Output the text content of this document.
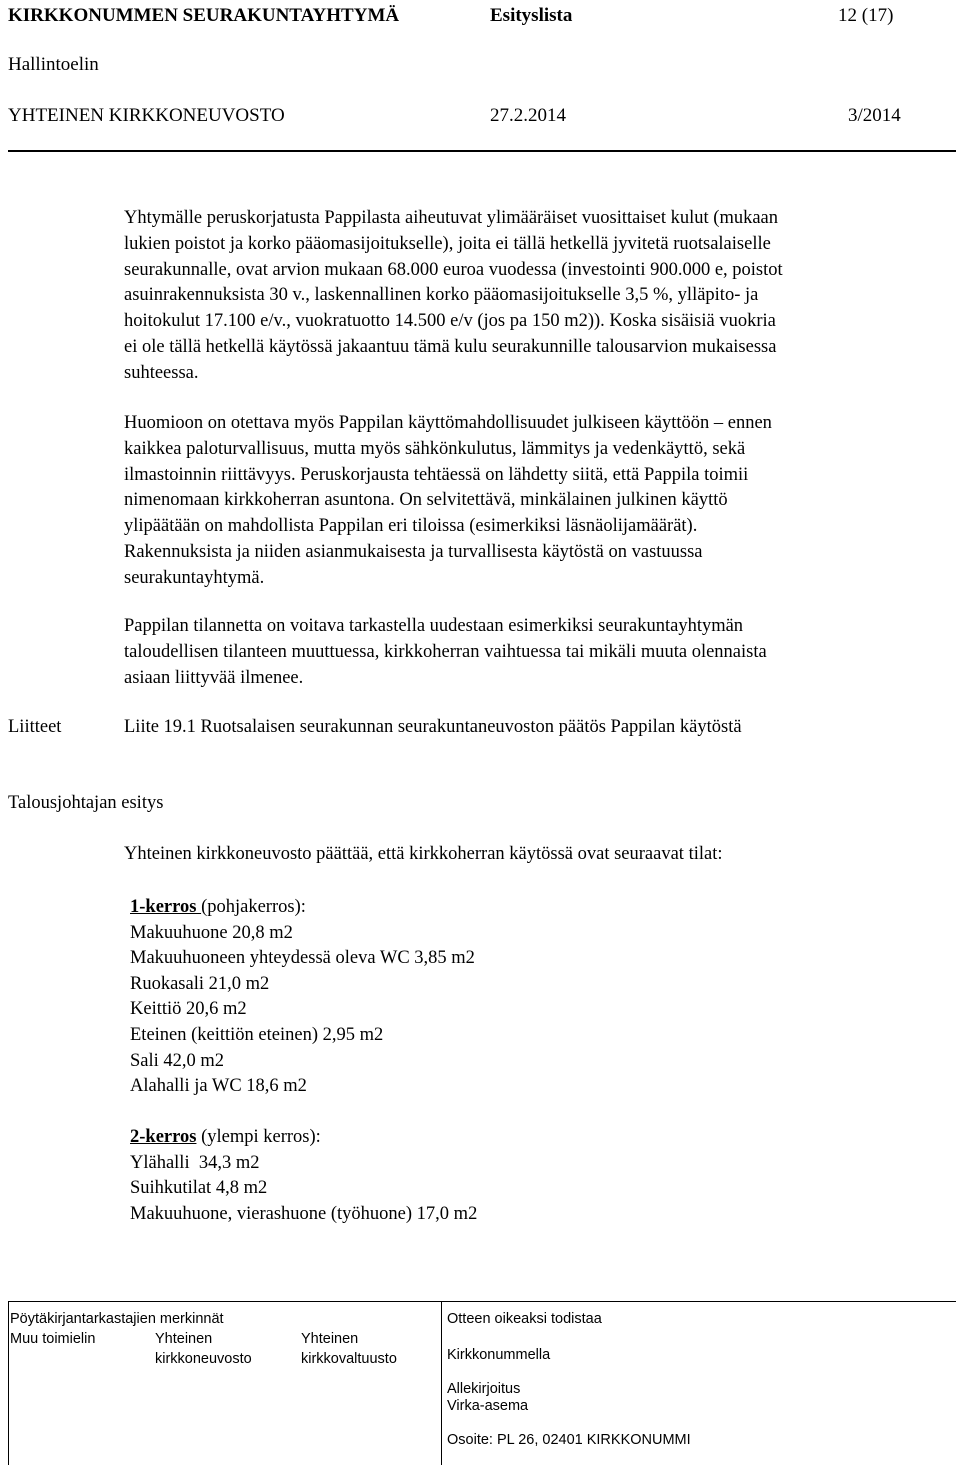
KIRKKONUMMEN SEURAKUNTAYHTYMÄ	Esityslista	12 (17)
Hallintoelin
YHTEINEN KIRKKONEUVOSTO	27.2.2014	3/2014
Yhtymälle peruskorjatusta Pappilasta aiheutuvat ylimääräiset vuosittaiset kulut (mukaan
lukien poistot ja korko pääomasijoitukselle), joita ei tällä hetkellä jyvitetä ruotsalaiselle
seurakunnalle, ovat arvion mukaan 68.000 euroa vuodessa (investointi 900.000 e, poistot
asuinrakennuksista 30 v., laskennallinen korko pääomasijoitukselle 3,5 %, ylläpito- ja
hoitokulut 17.100 e/v., vuokratuotto 14.500 e/v (jos pa 150 m2)). Koska sisäisiä vuokria
ei ole tällä hetkellä käytössä jakaantuu tämä kulu seurakunnille talousarvion mukaisessa
suhteessa.
Huomioon on otettava myös Pappilan käyttömahdollisuudet julkiseen käyttöön – ennen
kaikkea paloturvallisuus, mutta myös sähkönkulutus, lämmitys ja vedenkäyttö, sekä
ilmastoinnin riittävyys. Peruskorjausta tehtäessä on lähdetty siitä, että Pappila toimii
nimenomaan kirkkoherran asuntona. On selvitettävä, minkälainen julkinen käyttö
ylipäätään on mahdollista Pappilan eri tiloissa (esimerkiksi läsnäolijamäärät).
Rakennuksista ja niiden asianmukaisesta ja turvallisesta käytöstä on vastuussa
seurakuntayhtymä.
Pappilan tilannetta on voitava tarkastella uudestaan esimerkiksi seurakuntayhtymän
taloudellisen tilanteen muuttuessa, kirkkoherran vaihtuessa tai mikäli muuta olennaista
asiaan liittyvää ilmenee.
Liitteet	Liite 19.1 Ruotsalaisen seurakunnan seurakuntaneuvoston päätös Pappilan käytöstä
Talousjohtajan esitys
Yhteinen kirkkoneuvosto päättää, että kirkkoherran käytössä ovat seuraavat tilat:
1-kerros (pohjakerros):
Makuuhuone 20,8 m2
Makuuhuoneen yhteydessä oleva WC 3,85 m2
Ruokasali 21,0 m2
Keittiö 20,6 m2
Eteinen (keittiön eteinen) 2,95 m2
Sali 42,0 m2
Alahalli ja WC 18,6 m2
2-kerros (ylempi kerros):
Ylähalli  34,3 m2
Suihkutilat 4,8 m2
Makuuhuone, vierashuone (työhuone) 17,0 m2
Pöytäkirjantarkastajien merkinnät
Muu toimielin	Yhteinen
kirkkoneuvosto
Yhteinen
kirkkovaltuusto
Otteen oikeaksi todistaa
Kirkkonummella
Allekirjoitus
Virka-asema
Osoite: PL 26, 02401 KIRKKONUMMI
